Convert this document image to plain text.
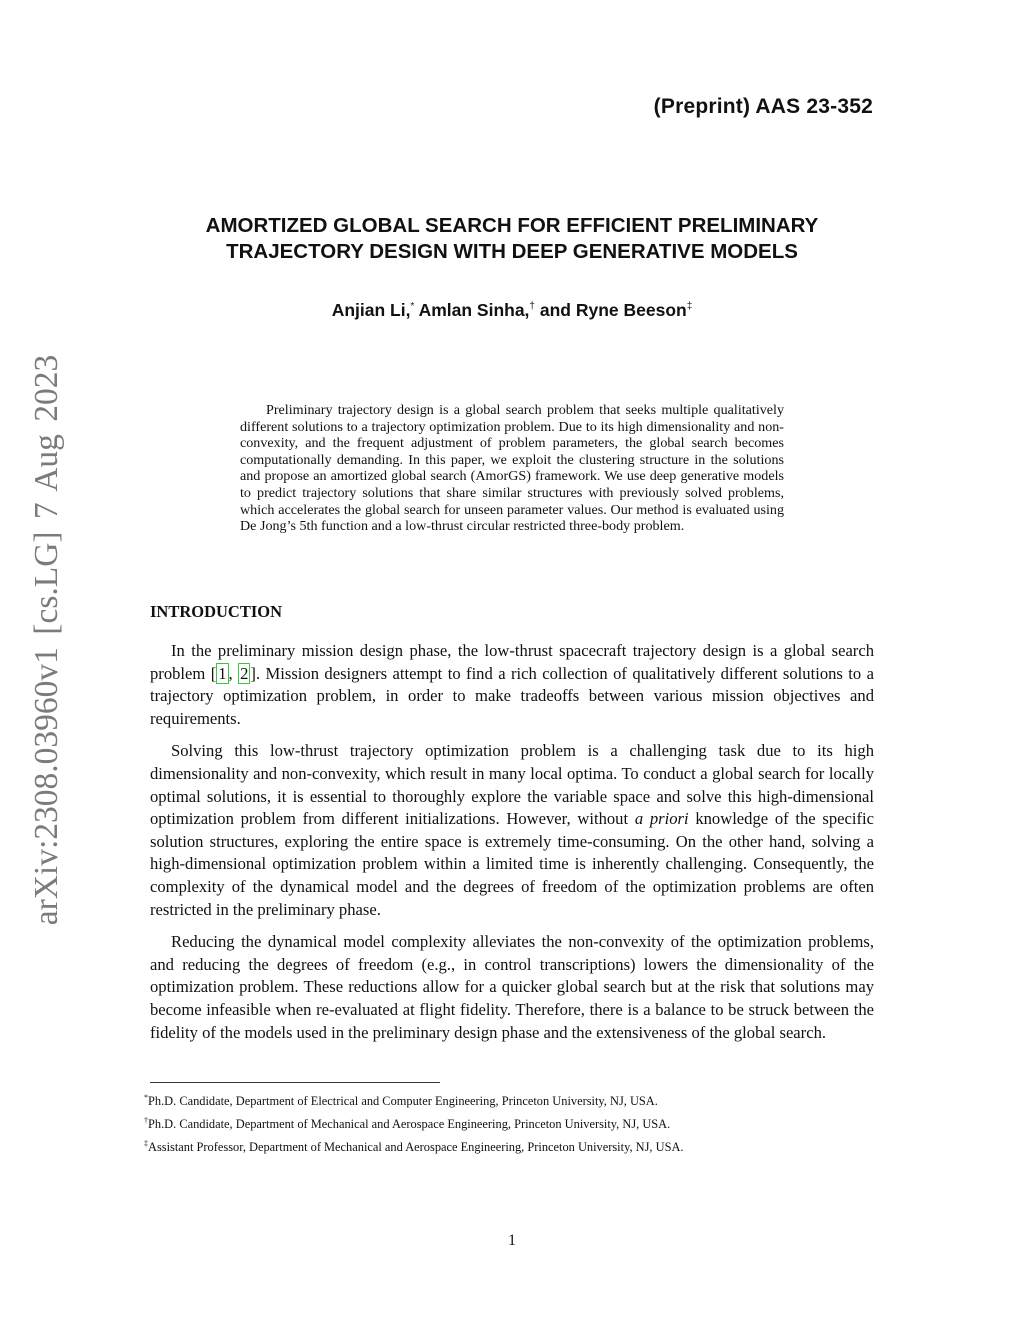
(Preprint) AAS 23-352
AMORTIZED GLOBAL SEARCH FOR EFFICIENT PRELIMINARY
TRAJECTORY DESIGN WITH DEEP GENERATIVE MODELS
Anjian Li,* Amlan Sinha,† and Ryne Beeson‡
arXiv:2308.03960v1 [cs.LG] 7 Aug 2023	Preliminary trajectory design is a global search problem that seeks multiple qualitatively different solutions to a trajectory optimization problem. Due to its high dimensionality and non-convexity, and the frequent adjustment of problem parameters, the global search becomes computationally demanding. In this paper, we exploit the clustering structure in the solutions and propose an amortized global search (AmorGS) framework. We use deep generative models to predict trajectory solutions that share similar structures with previously solved problems, which accelerates the global search for unseen parameter values. Our method is evaluated using De Jong’s 5th function and a low-thrust circular restricted three-body problem.

INTRODUCTION

In the preliminary mission design phase, the low-thrust spacecraft trajectory design is a global search problem [ 1 , 2 ]. Mission designers attempt to find a rich collection of qualitatively different solutions to a trajectory optimization problem, in order to make tradeoffs between various mission objectives and requirements.

Solving this low-thrust trajectory optimization problem is a challenging task due to its high dimensionality and non-convexity, which result in many local optima. To conduct a global search for locally optimal solutions, it is essential to thoroughly explore the variable space and solve this high-dimensional optimization problem from different initializations. However, without a priori knowledge of the specific solution structures, exploring the entire space is extremely time-consuming. On the other hand, solving a high-dimensional optimization problem within a limited time is inherently challenging. Consequently, the complexity of the dynamical model and the degrees of freedom of the optimization problems are often restricted in the preliminary phase.

Reducing the dynamical model complexity alleviates the non-convexity of the optimization problems, and reducing the degrees of freedom (e.g., in control transcriptions) lowers the dimensionality of the optimization problem. These reductions allow for a quicker global search but at the risk that solutions may become infeasible when re-evaluated at flight fidelity. Therefore, there is a balance to be struck between the fidelity of the models used in the preliminary design phase and the extensiveness of the global search.

*Ph.D. Candidate, Department of Electrical and Computer Engineering, Princeton University, NJ, USA.
†Ph.D. Candidate, Department of Mechanical and Aerospace Engineering, Princeton University, NJ, USA.
‡Assistant Professor, Department of Mechanical and Aerospace Engineering, Princeton University, NJ, USA.
1
